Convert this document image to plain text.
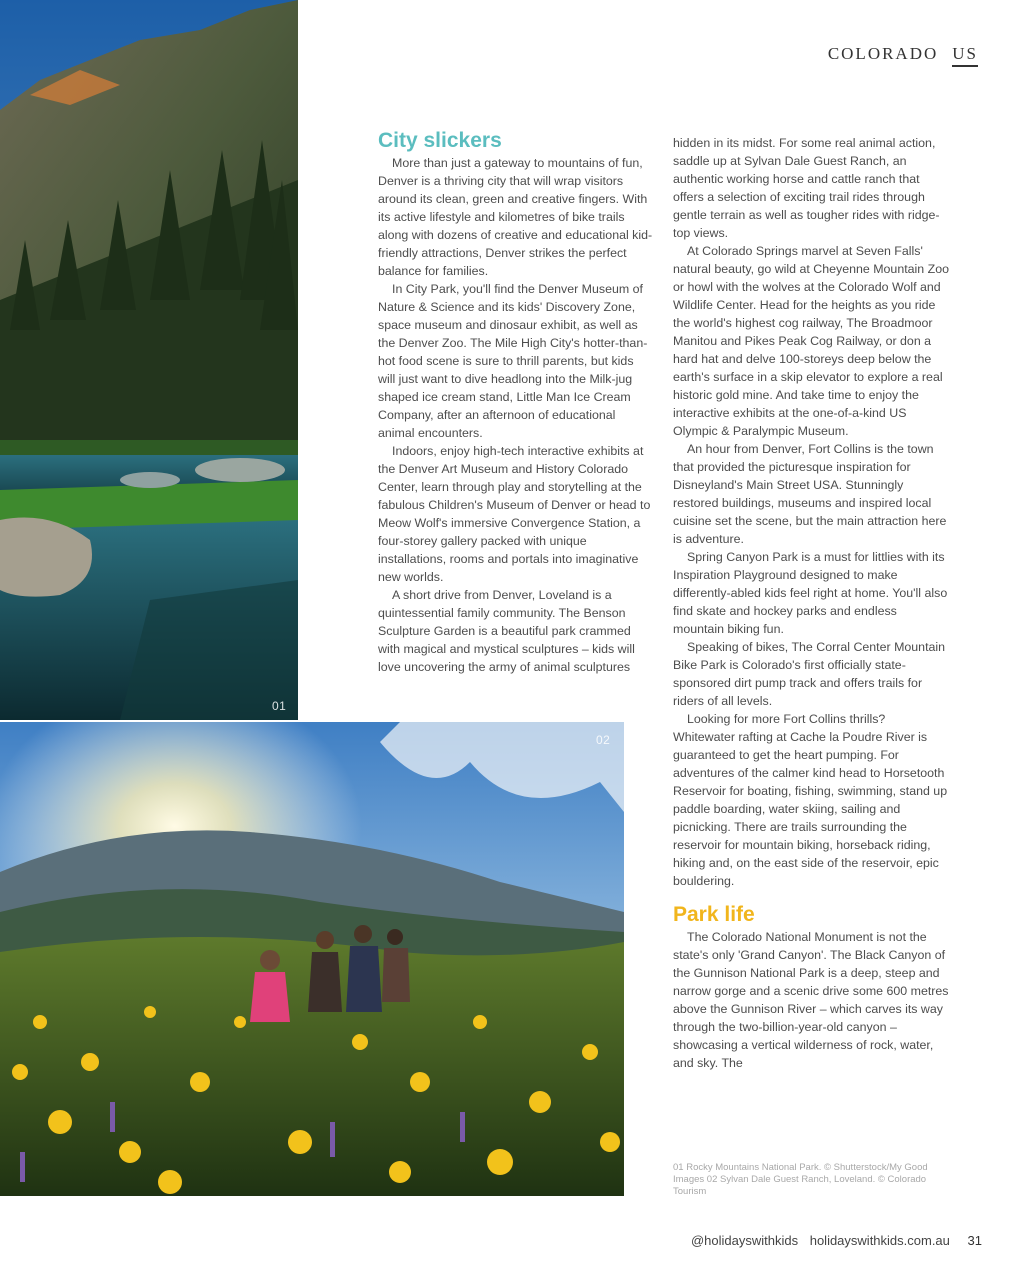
01
02
COLORADO US
City slickers

More than just a gateway to mountains of fun, Denver is a thriving city that will wrap visitors around its clean, green and creative fingers. With its active lifestyle and kilometres of bike trails along with dozens of creative and educational kid-friendly attractions, Denver strikes the perfect balance for families.

In City Park, you'll find the Denver Museum of Nature & Science and its kids' Discovery Zone, space museum and dinosaur exhibit, as well as the Denver Zoo. The Mile High City's hotter-than-hot food scene is sure to thrill parents, but kids will just want to dive headlong into the Milk-jug shaped ice cream stand, Little Man Ice Cream Company, after an afternoon of educational animal encounters.

Indoors, enjoy high-tech interactive exhibits at the Denver Art Museum and History Colorado Center, learn through play and storytelling at the fabulous Children's Museum of Denver or head to Meow Wolf's immersive Convergence Station, a four-storey gallery packed with unique installations, rooms and portals into imaginative new worlds.

A short drive from Denver, Loveland is a quintessential family community. The Benson Sculpture Garden is a beautiful park crammed with magical and mystical sculptures – kids will love uncovering the army of animal sculptures

hidden in its midst. For some real animal action, saddle up at Sylvan Dale Guest Ranch, an authentic working horse and cattle ranch that offers a selection of exciting trail rides through gentle terrain as well as tougher rides with ridge-top views.

At Colorado Springs marvel at Seven Falls' natural beauty, go wild at Cheyenne Mountain Zoo or howl with the wolves at the Colorado Wolf and Wildlife Center. Head for the heights as you ride the world's highest cog railway, The Broadmoor Manitou and Pikes Peak Cog Railway, or don a hard hat and delve 100-storeys deep below the earth's surface in a skip elevator to explore a real historic gold mine. And take time to enjoy the interactive exhibits at the one-of-a-kind US Olympic & Paralympic Museum.

An hour from Denver, Fort Collins is the town that provided the picturesque inspiration for Disneyland's Main Street USA. Stunningly restored buildings, museums and inspired local cuisine set the scene, but the main attraction here is adventure.

Spring Canyon Park is a must for littlies with its Inspiration Playground designed to make differently-abled kids feel right at home. You'll also find skate and hockey parks and endless mountain biking fun.

Speaking of bikes, The Corral Center Mountain Bike Park is Colorado's first officially state-sponsored dirt pump track and offers trails for riders of all levels.

Looking for more Fort Collins thrills? Whitewater rafting at Cache la Poudre River is guaranteed to get the heart pumping. For adventures of the calmer kind head to Horsetooth Reservoir for boating, fishing, swimming, stand up paddle boarding, water skiing, sailing and picnicking. There are trails surrounding the reservoir for mountain biking, horseback riding, hiking and, on the east side of the reservoir, epic bouldering.

Park life

The Colorado National Monument is not the state's only 'Grand Canyon'. The Black Canyon of the Gunnison National Park is a deep, steep and narrow gorge and a scenic drive some 600 metres above the Gunnison River – which carves its way through the two-billion-year-old canyon – showcasing a vertical wilderness of rock, water, and sky. The

01 Rocky Mountains National Park. © Shutterstock/My Good Images 02 Sylvan Dale Guest Ranch, Loveland. © Colorado Tourism
@holidayswithkids holidayswithkids.com.au 31
